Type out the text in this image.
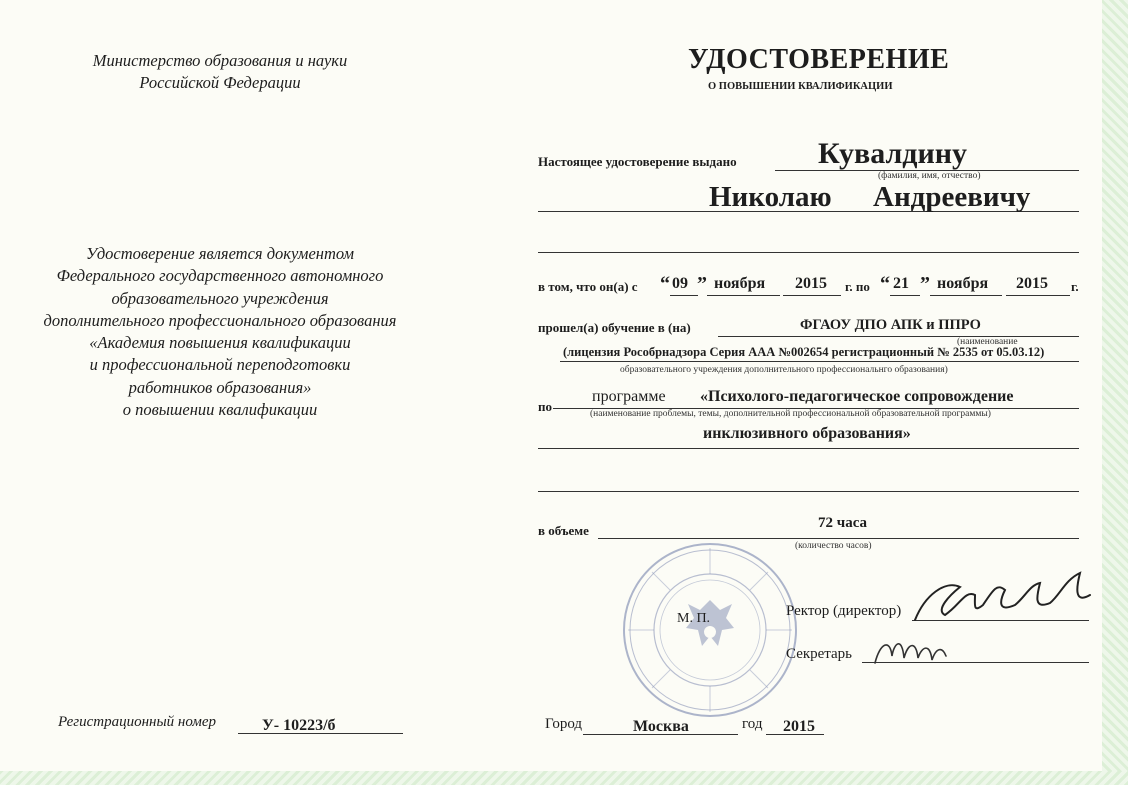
Министерство образования и науки
Российской Федерации
Удостоверение является документом
Федерального государственного автономного
образовательного учреждения
дополнительного профессионального образования
«Академия повышения квалификации
и профессиональной переподготовки
работников образования»
о повышении квалификации
Регистрационный номер	У- 10223/б
УДОСТОВЕРЕНИЕ
О ПОВЫШЕНИИ КВАЛИФИКАЦИИ
Настоящее удостоверение выдано	Кувалдину
(фамилия, имя, отчество)
Николаю Андреевичу
в том, что он(а) с “ 09 ” ноября 2015 г. по “ 21 ” ноября 2015 г.
прошел(а) обучение в (на)	ФГАОУ ДПО АПК и ППРО
(наименование
(лицензия Рособрнадзора Серия ААА №002654 регистрационный № 2535 от 05.03.12)
образовательного учреждения дополнительного профессиональнго образования)
по
программе «Психолого-педагогическое сопровождение
(наименование проблемы, темы, дополнительной профессиональной образовательной программы)
инклюзивного образования»
в объеме	72 часа
(количество часов)
М. П.	Ректор (директор)
Секретарь
Город	Москва	год 2015
